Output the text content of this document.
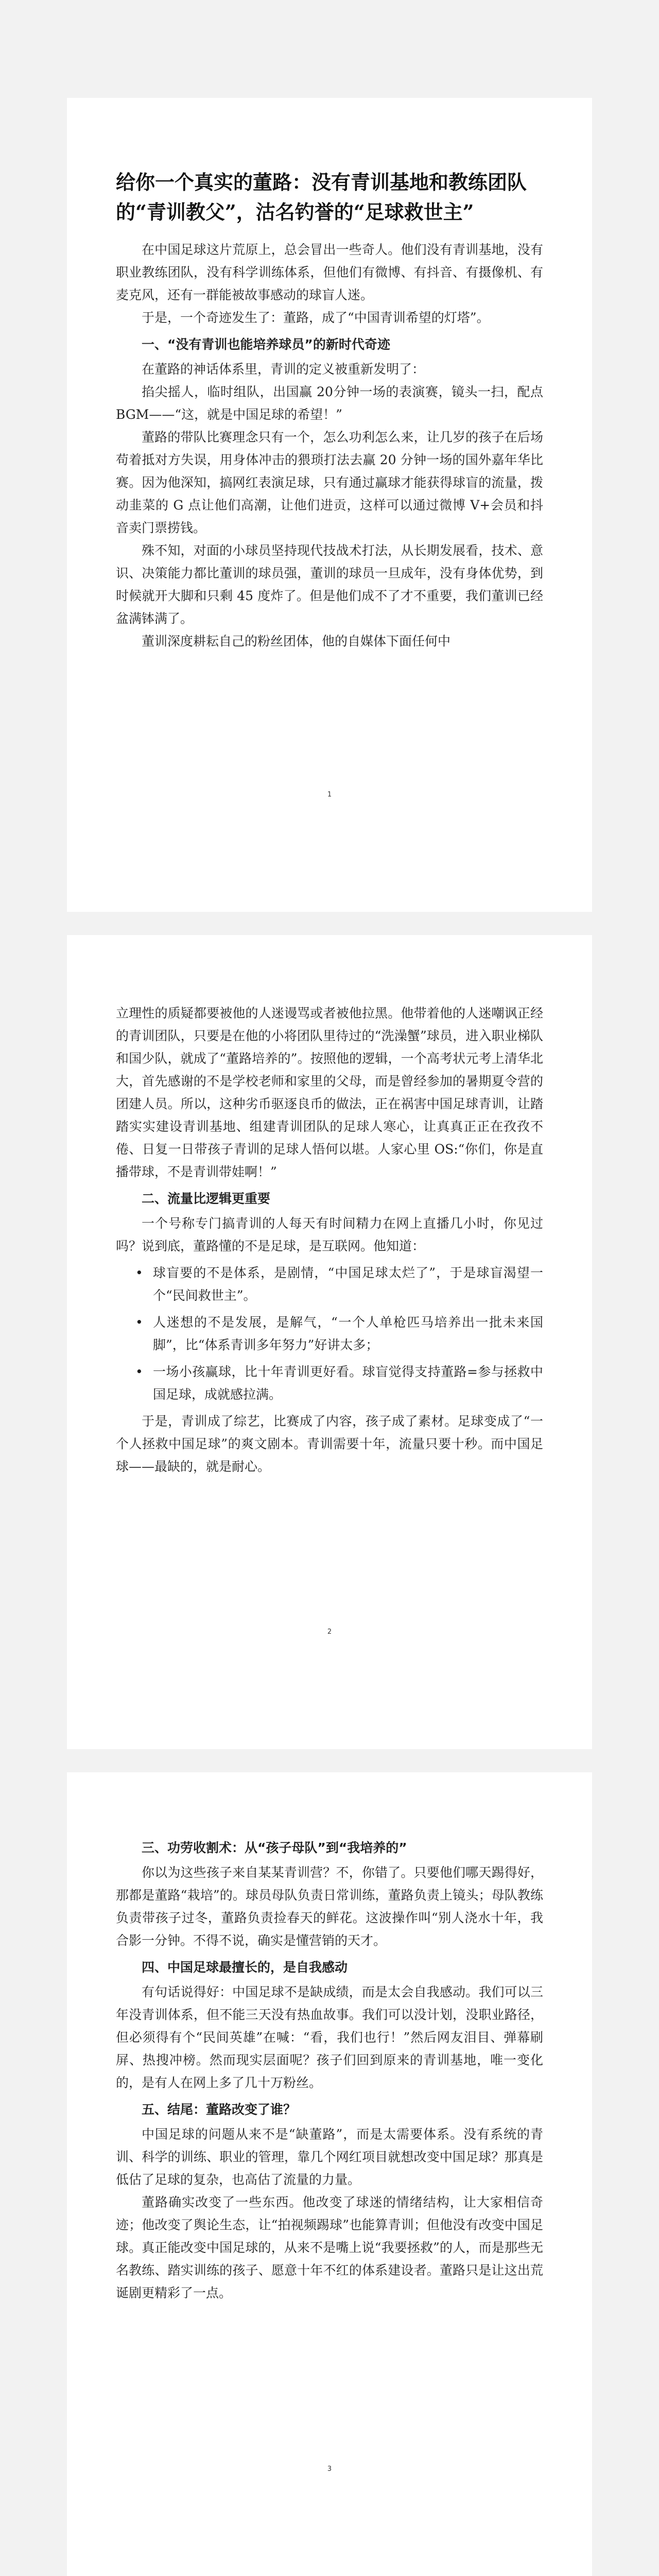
给你一个真实的董路：没有青训基地和教练团队的“青训教父”，沽名钓誉的“足球救世主”

在中国足球这片荒原上，总会冒出一些奇人。他们没有青训基地，没有职业教练团队，没有科学训练体系，但他们有微博、有抖音、有摄像机、有麦克风，还有一群能被故事感动的球盲人迷。

于是，一个奇迹发生了：董路，成了“中国青训希望的灯塔”。

一、“没有青训也能培养球员”的新时代奇迹

在董路的神话体系里，青训的定义被重新发明了：

掐尖摇人，临时组队，出国赢 20分钟一场的表演赛，镜头一扫，配点 BGM——“这，就是中国足球的希望！”

董路的带队比赛理念只有一个，怎么功利怎么来，让几岁的孩子在后场苟着抵对方失误，用身体冲击的猥琐打法去赢 20 分钟一场的国外嘉年华比赛。因为他深知，搞网红表演足球，只有通过赢球才能获得球盲的流量，拨动韭菜的 G 点让他们高潮，让他们进贡，这样可以通过微博 V+会员和抖音卖门票捞钱。

殊不知，对面的小球员坚持现代技战术打法，从长期发展看，技术、意识、决策能力都比董训的球员强，董训的球员一旦成年，没有身体优势，到时候就开大脚和只剩 45 度炸了。但是他们成不了才不重要，我们董训已经盆满钵满了。

董训深度耕耘自己的粉丝团体，他的自媒体下面任何中

1

立理性的质疑都要被他的人迷谩骂或者被他拉黑。他带着他的人迷嘲讽正经的青训团队，只要是在他的小将团队里待过的“洗澡蟹”球员，进入职业梯队和国少队，就成了“董路培养的”。按照他的逻辑，一个高考状元考上清华北大，首先感谢的不是学校老师和家里的父母，而是曾经参加的暑期夏令营的团建人员。所以，这种劣币驱逐良币的做法，正在祸害中国足球青训，让踏踏实实建设青训基地、组建青训团队的足球人寒心，让真真正正在孜孜不倦、日复一日带孩子青训的足球人悟何以堪。人家心里 OS:“你们，你是直播带球，不是青训带娃啊！”

二、流量比逻辑更重要

一个号称专门搞青训的人每天有时间精力在网上直播几小时，你见过吗？说到底，董路懂的不是足球，是互联网。他知道：

• 球盲要的不是体系，是剧情，“中国足球太烂了”，于是球盲渴望一个“民间救世主”。
• 人迷想的不是发展，是解气，“一个人单枪匹马培养出一批未来国脚”，比“体系青训多年努力”好讲太多；
• 一场小孩赢球，比十年青训更好看。球盲觉得支持董路=参与拯救中国足球，成就感拉满。

于是，青训成了综艺，比赛成了内容，孩子成了素材。足球变成了“一个人拯救中国足球”的爽文剧本。青训需要十年，流量只要十秒。而中国足球——最缺的，就是耐心。

2
三、功劳收割术：从“孩子母队”到“我培养的”

你以为这些孩子来自某某青训营？不，你错了。只要他们哪天踢得好，那都是董路“栽培”的。球员母队负责日常训练，董路负责上镜头；母队教练负责带孩子过冬，董路负责捡春天的鲜花。这波操作叫“别人浇水十年，我合影一分钟。不得不说，确实是懂营销的天才。

四、中国足球最擅长的，是自我感动

有句话说得好：中国足球不是缺成绩，而是太会自我感动。我们可以三年没青训体系，但不能三天没有热血故事。我们可以没计划，没职业路径，但必须得有个“民间英雄”在喊：“看，我们也行！”然后网友泪目、弹幕刷屏、热搜冲榜。然而现实层面呢？孩子们回到原来的青训基地，唯一变化的，是有人在网上多了几十万粉丝。

五、结尾：董路改变了谁？

中国足球的问题从来不是“缺董路”，而是太需要体系。没有系统的青训、科学的训练、职业的管理，靠几个网红项目就想改变中国足球？那真是低估了足球的复杂，也高估了流量的力量。

董路确实改变了一些东西。他改变了球迷的情绪结构，让大家相信奇迹；他改变了舆论生态，让“拍视频踢球”也能算青训；但他没有改变中国足球。真正能改变中国足球的，从来不是嘴上说“我要拯救”的人，而是那些无名教练、踏实训练的孩子、愿意十年不红的体系建设者。董路只是让这出荒诞剧更精彩了一点。

3
